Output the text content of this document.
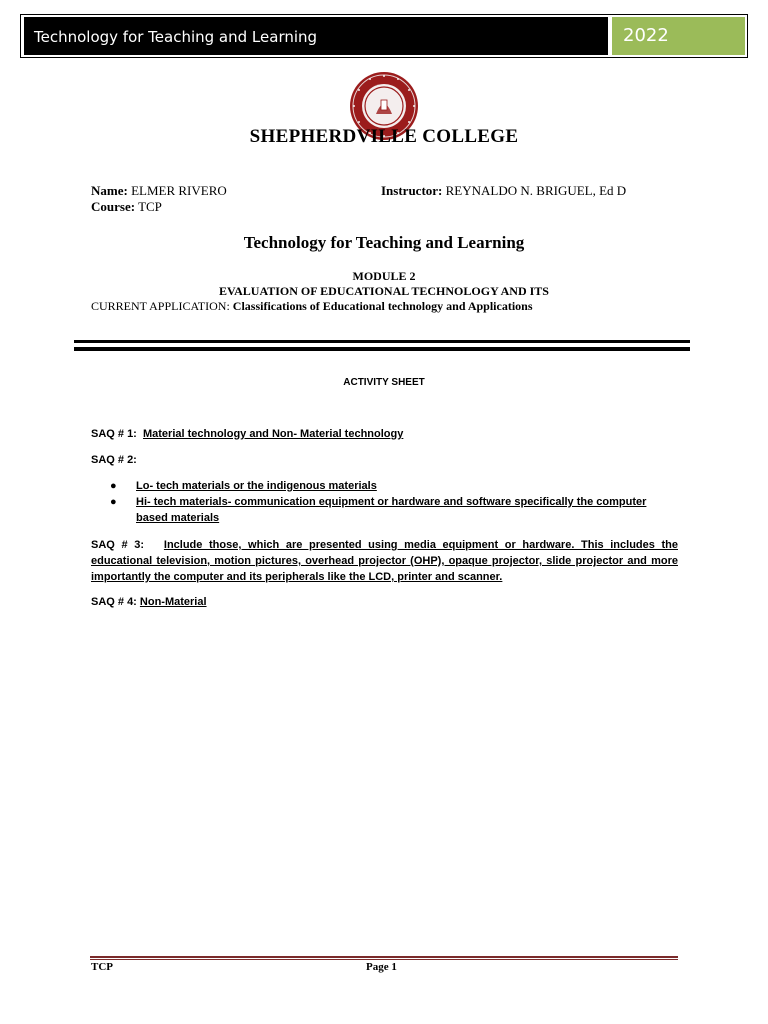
Technology for Teaching and Learning	2022
SHEPHERDVILLE COLLEGE
Name: ELMER RIVERO
Course: TCP
Instructor: REYNALDO N. BRIGUEL, Ed D
Technology for Teaching and Learning
MODULE 2
EVALUATION OF EDUCATIONAL TECHNOLOGY AND ITS
CURRENT APPLICATION: Classifications of Educational technology and Applications
ACTIVITY SHEET
SAQ # 1: Material technology and Non- Material technology
SAQ # 2:
● Lo- tech materials or the indigenous materials
● Hi- tech materials- communication equipment or hardware and software specifically the computer based materials
SAQ # 3: Include those, which are presented using media equipment or hardware. This includes the educational television, motion pictures, overhead projector (OHP), opaque projector, slide projector and more importantly the computer and its peripherals like the LCD, printer and scanner.
SAQ # 4: Non-Material
TCP	Page 1
